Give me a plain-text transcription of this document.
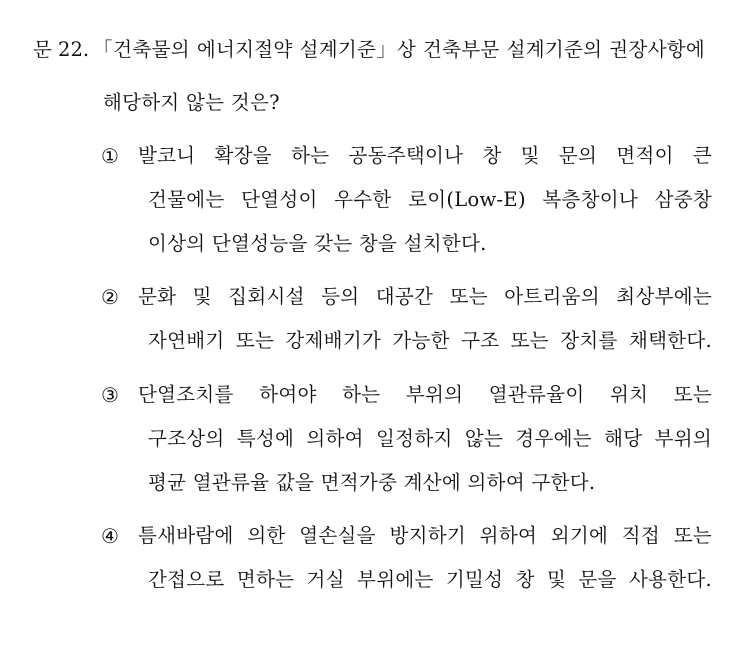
문 22. 「건축물의 에너지절약 설계기준」상 건축부문 설계기준의 권장사항에
해당하지 않는 것은?
① 발코니 확장을 하는 공동주택이나 창 및 문의 면적이 큰
건물에는 단열성이 우수한 로이(Low-E) 복층창이나 삼중창
이상의 단열성능을 갖는 창을 설치한다.
② 문화 및 집회시설 등의 대공간 또는 아트리움의 최상부에는
자연배기 또는 강제배기가 가능한 구조 또는 장치를 채택한다.
③ 단열조치를 하여야 하는 부위의 열관류율이 위치 또는
구조상의 특성에 의하여 일정하지 않는 경우에는 해당 부위의
평균 열관류율 값을 면적가중 계산에 의하여 구한다.
④ 틈새바람에 의한 열손실을 방지하기 위하여 외기에 직접 또는
간접으로 면하는 거실 부위에는 기밀성 창 및 문을 사용한다.
